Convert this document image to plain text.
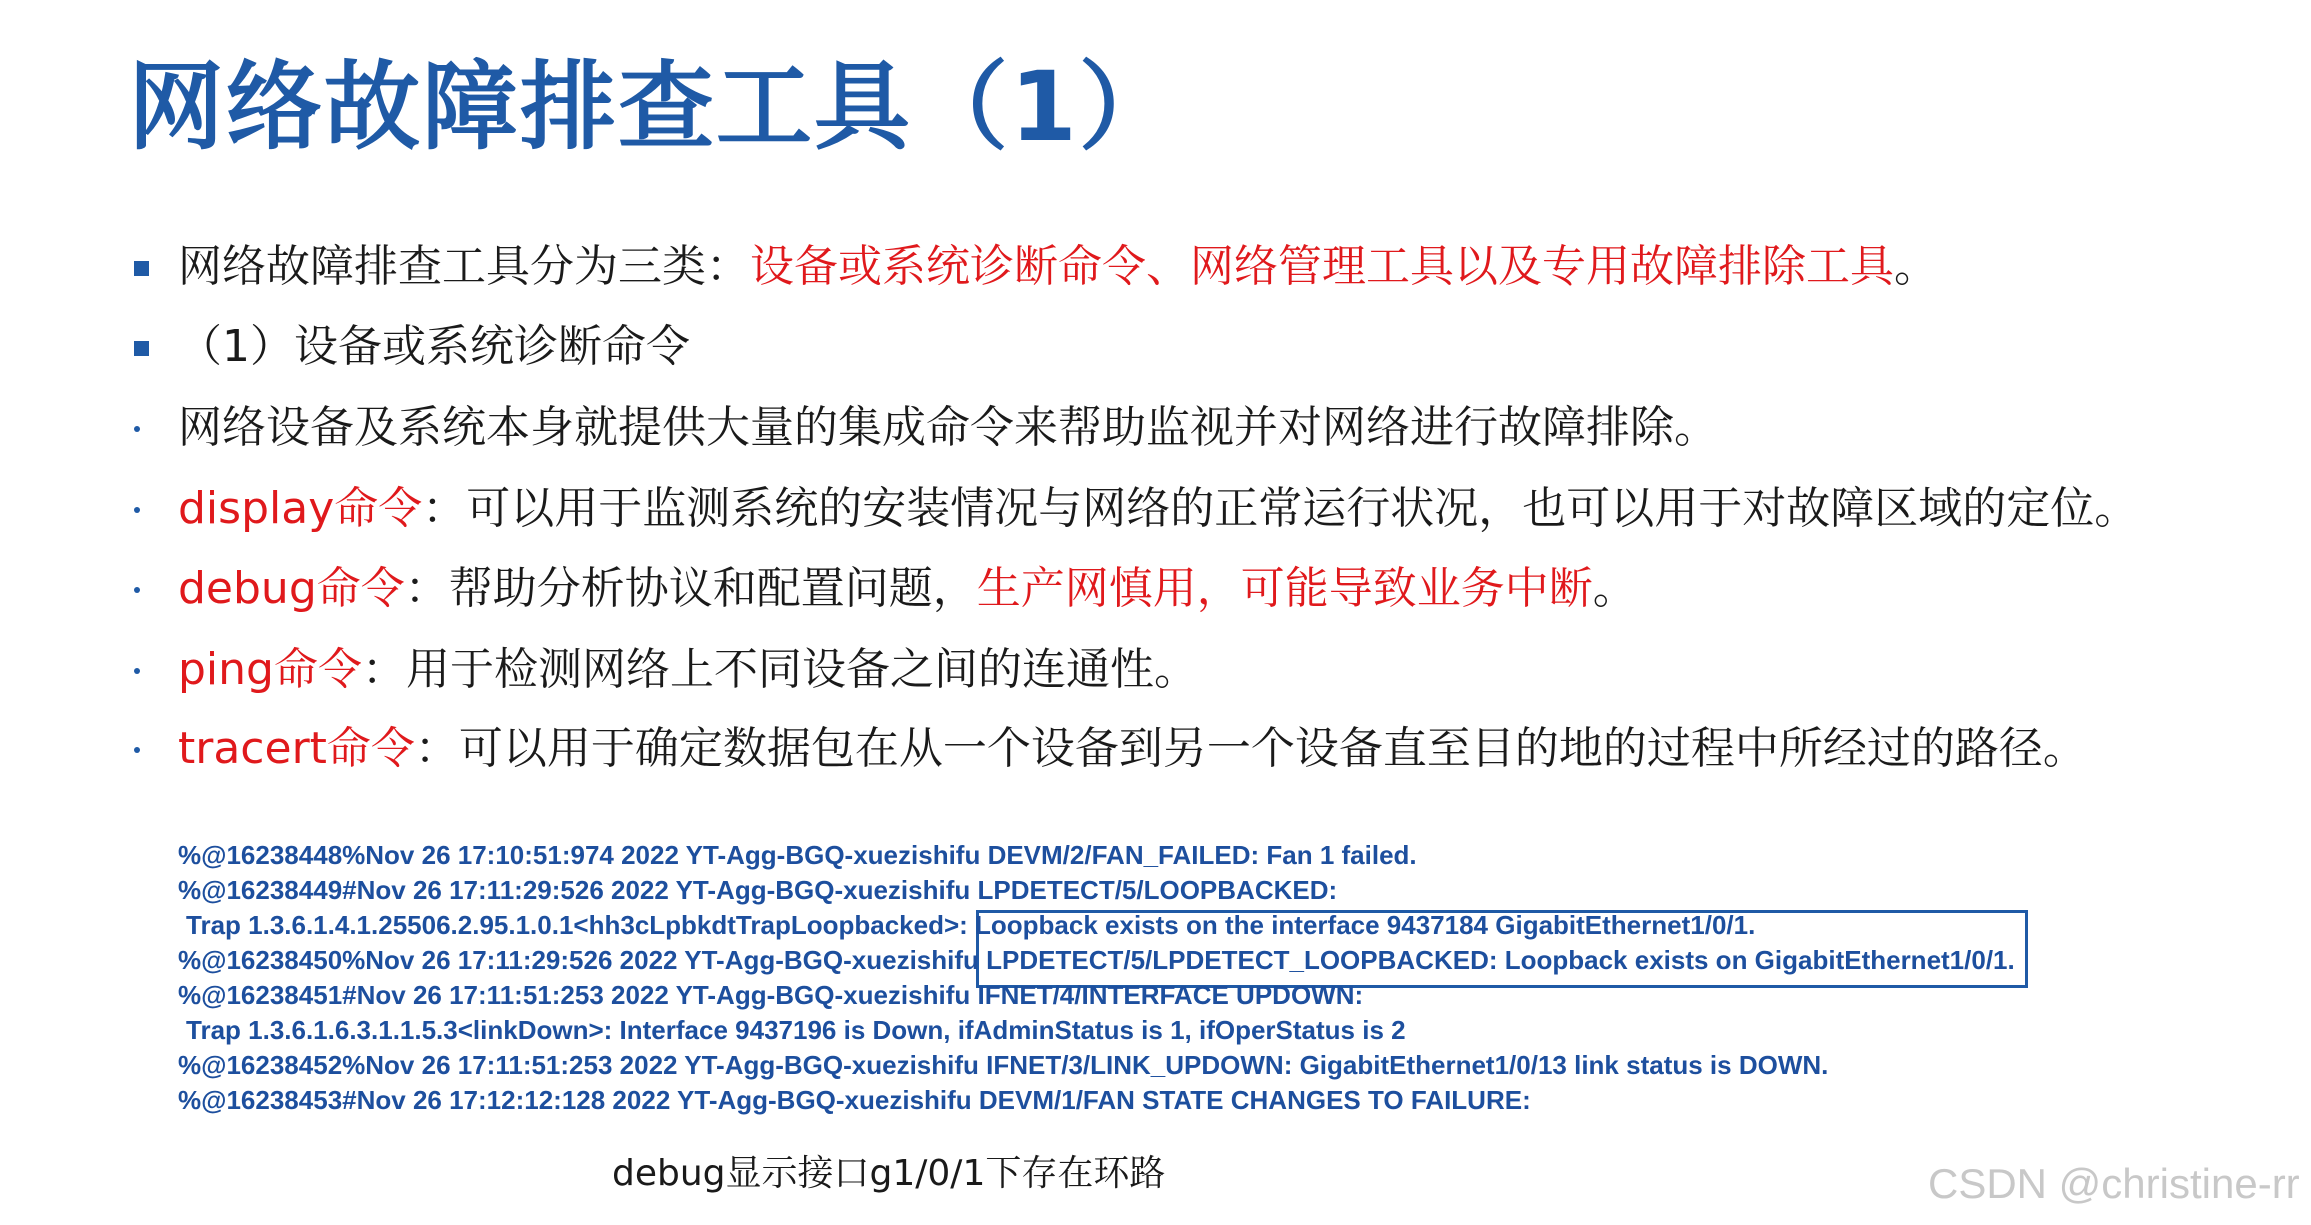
网络故障排查工具（1）
网络故障排查工具分为三类：设备或系统诊断命令、网络管理工具以及专用故障排除工具。
（1）设备或系统诊断命令
网络设备及系统本身就提供大量的集成命令来帮助监视并对网络进行故障排除。
display命令：可以用于监测系统的安装情况与网络的正常运行状况，也可以用于对故障区域的定位。
debug命令：帮助分析协议和配置问题，生产网慎用，可能导致业务中断。
ping命令：用于检测网络上不同设备之间的连通性。
tracert命令：可以用于确定数据包在从一个设备到另一个设备直至目的地的过程中所经过的路径。
%@16238448%Nov 26 17:10:51:974 2022 YT-Agg-BGQ-xuezishifu DEVM/2/FAN_FAILED: Fan 1 failed.
%@16238449#Nov 26 17:11:29:526 2022 YT-Agg-BGQ-xuezishifu LPDETECT/5/LOOPBACKED:
Trap 1.3.6.1.4.1.25506.2.95.1.0.1<hh3cLpbkdtTrapLoopbacked>: Loopback exists on the interface 9437184 GigabitEthernet1/0/1.
%@16238450%Nov 26 17:11:29:526 2022 YT-Agg-BGQ-xuezishifu LPDETECT/5/LPDETECT_LOOPBACKED: Loopback exists on GigabitEthernet1/0/1.
%@16238451#Nov 26 17:11:51:253 2022 YT-Agg-BGQ-xuezishifu IFNET/4/INTERFACE UPDOWN:
Trap 1.3.6.1.6.3.1.1.5.3<linkDown>: Interface 9437196 is Down, ifAdminStatus is 1, ifOperStatus is 2
%@16238452%Nov 26 17:11:51:253 2022 YT-Agg-BGQ-xuezishifu IFNET/3/LINK_UPDOWN: GigabitEthernet1/0/13 link status is DOWN.
%@16238453#Nov 26 17:12:12:128 2022 YT-Agg-BGQ-xuezishifu DEVM/1/FAN STATE CHANGES TO FAILURE:
debug显示接口g1/0/1下存在环路	CSDN @christine-rr
